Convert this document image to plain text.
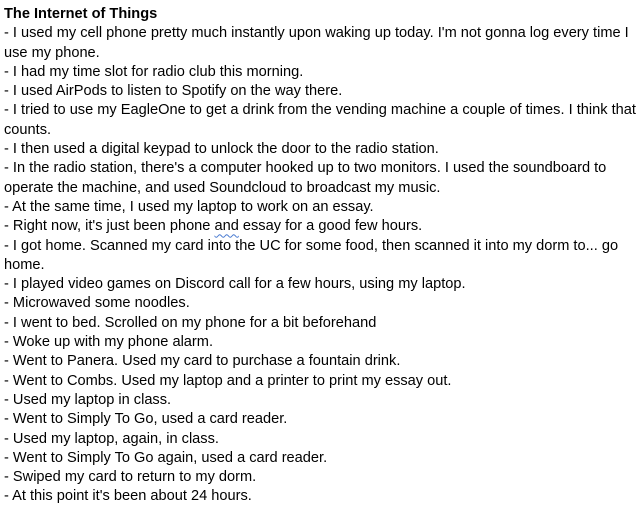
The Internet of Things

- I used my cell phone pretty much instantly upon waking up today. I'm not gonna log every time I use my phone.

- I had my time slot for radio club this morning.

- I used AirPods to listen to Spotify on the way there.

- I tried to use my EagleOne to get a drink from the vending machine a couple of times. I think that counts.

- I then used a digital keypad to unlock the door to the radio station.

- In the radio station, there's a computer hooked up to two monitors. I used the soundboard to operate the machine, and used Soundcloud to broadcast my music.

- At the same time, I used my laptop to work on an essay.

- Right now, it's just been phone and essay for a good few hours.

- I got home. Scanned my card into the UC for some food, then scanned it into my dorm to... go home.

- I played video games on Discord call for a few hours, using my laptop.

- Microwaved some noodles.

- I went to bed. Scrolled on my phone for a bit beforehand

- Woke up with my phone alarm.

- Went to Panera. Used my card to purchase a fountain drink.

- Went to Combs. Used my laptop and a printer to print my essay out.

- Used my laptop in class.

- Went to Simply To Go, used a card reader.

- Used my laptop, again, in class.

- Went to Simply To Go again, used a card reader.

- Swiped my card to return to my dorm.

- At this point it's been about 24 hours.
